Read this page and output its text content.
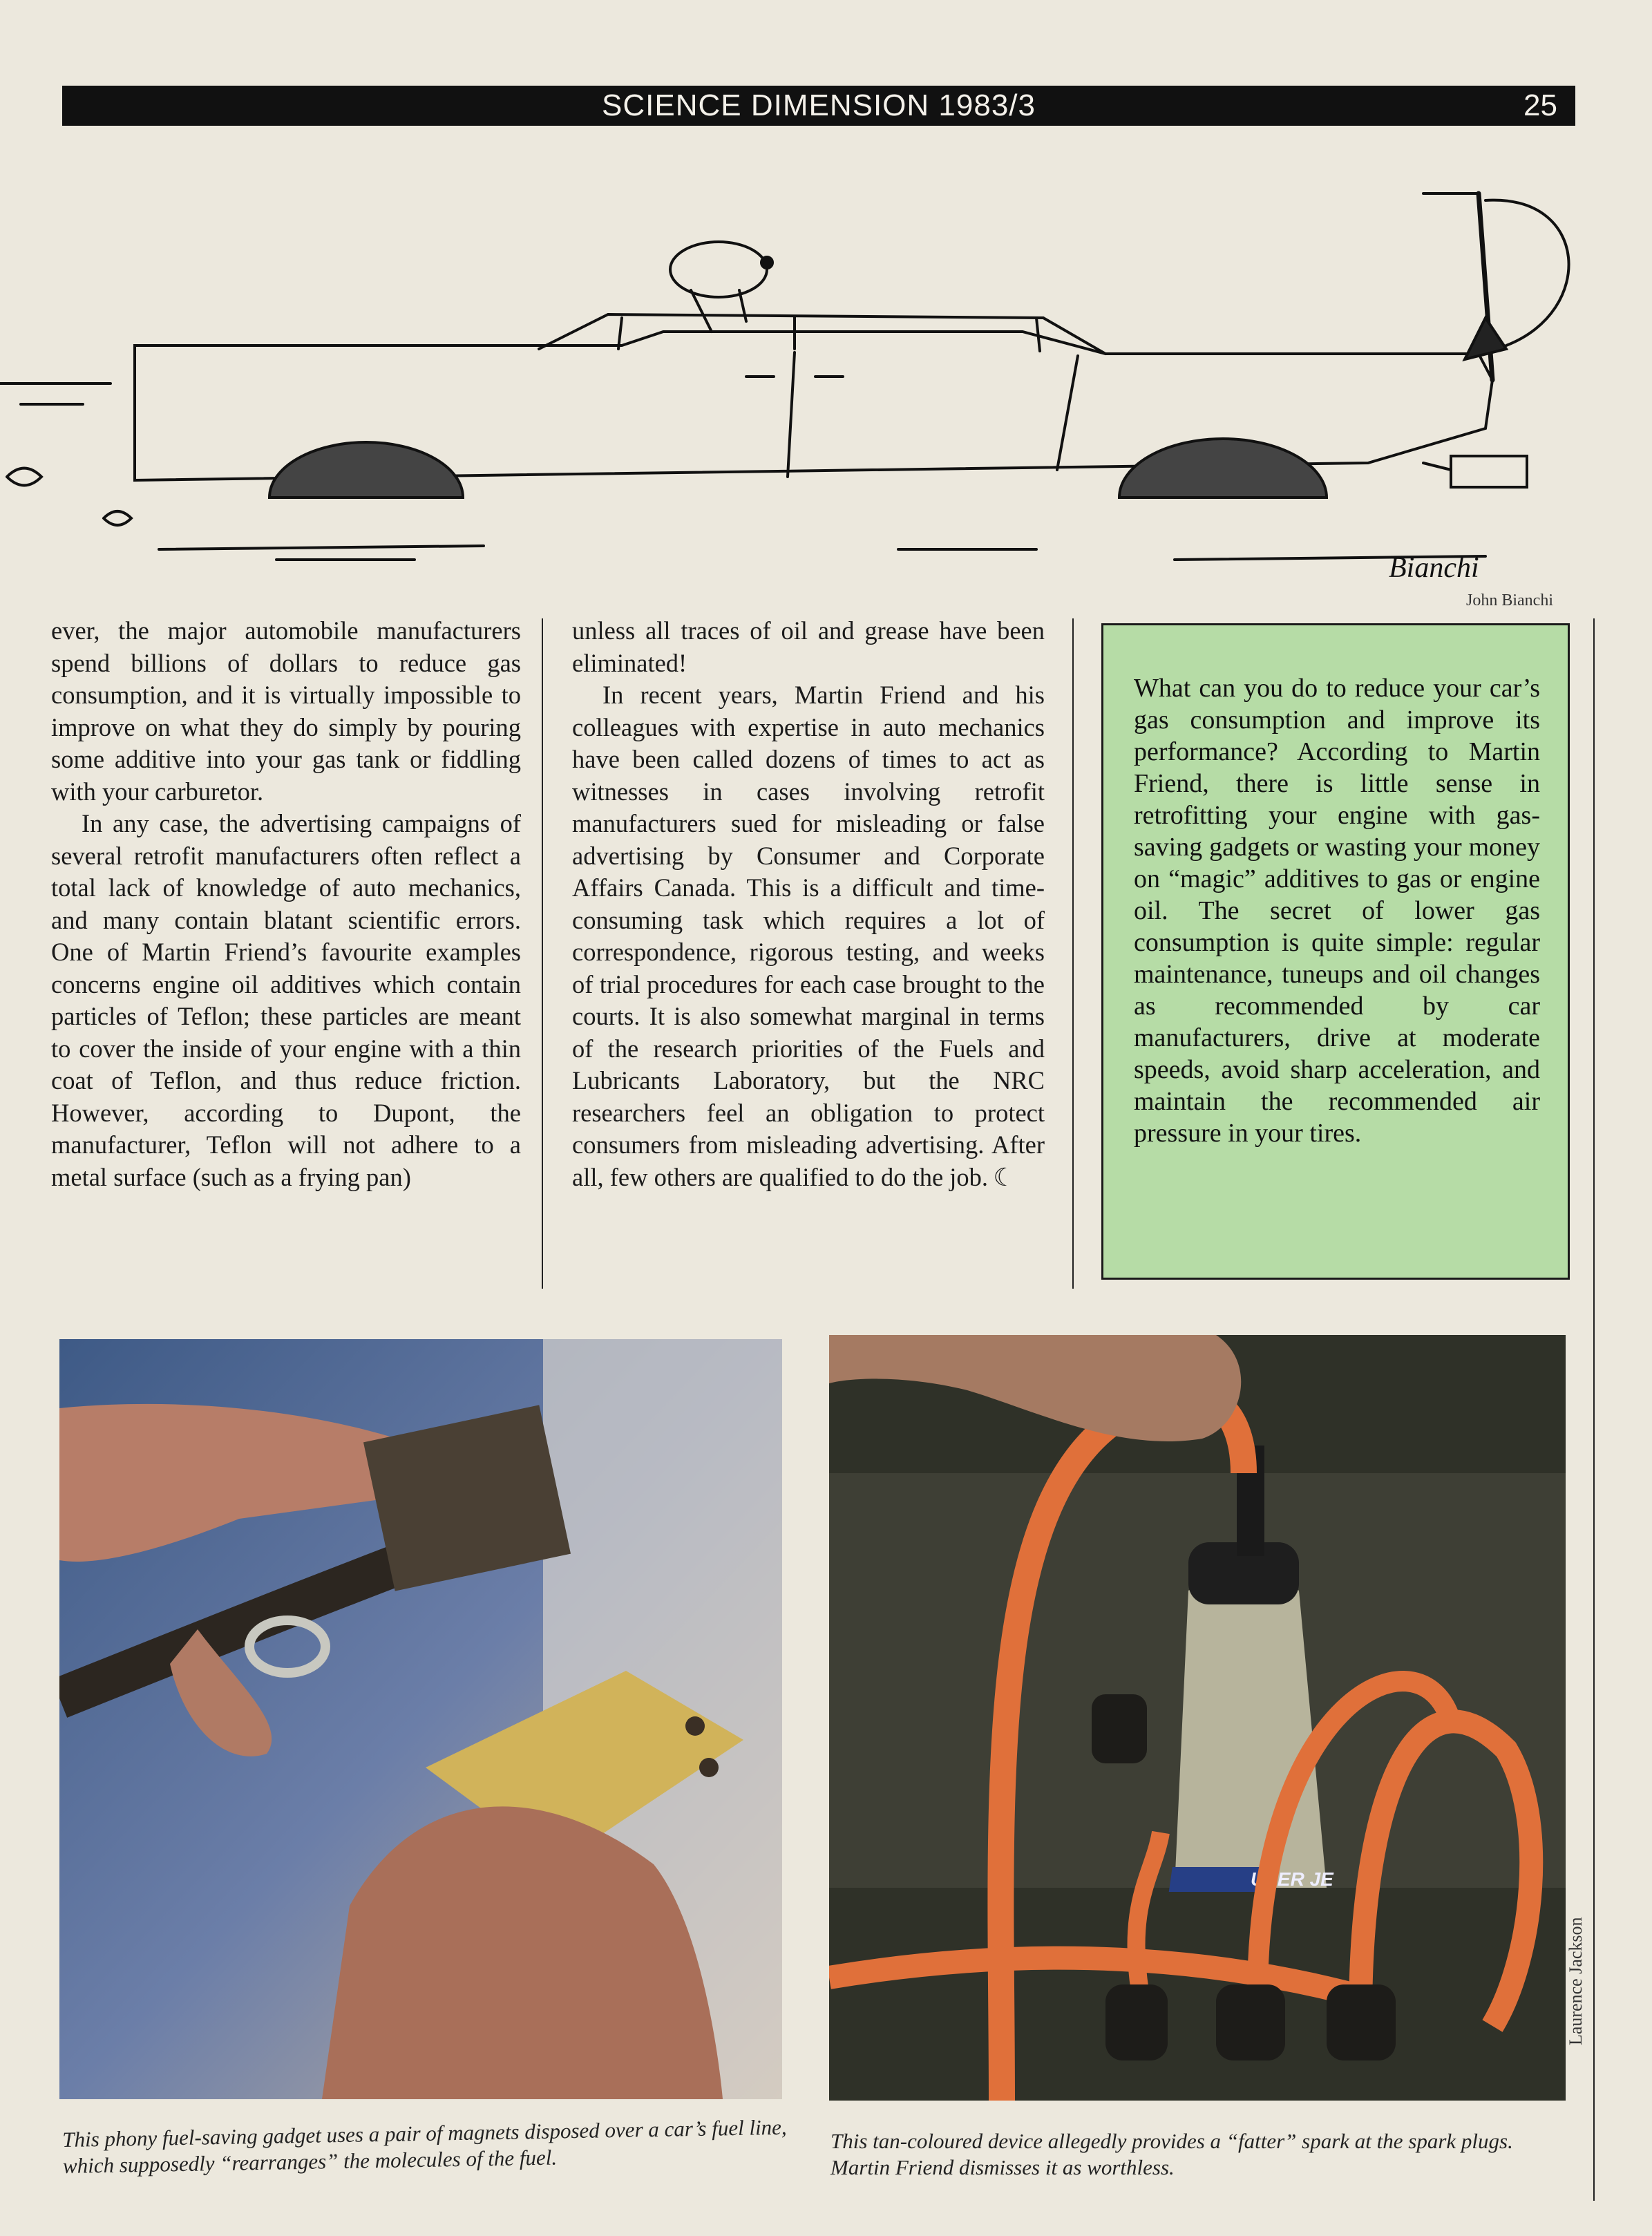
SCIENCE DIMENSION 1983/3	25
Bianchi
John Bianchi

ever, the major automobile manufacturers spend billions of dollars to reduce gas consumption, and it is virtually impossible to improve on what they do simply by pouring some additive into your gas tank or fiddling with your carburetor.

In any case, the advertising campaigns of several retrofit manufacturers often reflect a total lack of knowledge of auto mechanics, and many contain blatant scientific errors. One of Martin Friend’s favourite examples concerns engine oil additives which contain particles of Teflon; these particles are meant to cover the inside of your engine with a thin coat of Teflon, and thus reduce friction. However, according to Dupont, the manufacturer, Teflon will not adhere to a metal surface (such as a frying pan)

unless all traces of oil and grease have been eliminated!

In recent years, Martin Friend and his colleagues with expertise in auto mechanics have been called dozens of times to act as witnesses in cases involving retrofit manufacturers sued for misleading or false advertising by Consumer and Corporate Affairs Canada. This is a difficult and time-consuming task which requires a lot of correspondence, rigorous testing, and weeks of trial procedures for each case brought to the courts. It is also somewhat marginal in terms of the research priorities of the Fuels and Lubricants Laboratory, but the NRC researchers feel an obligation to protect consumers from misleading advertising. After all, few others are qualified to do the job.  ☾

What can you do to reduce your car’s gas consumption and improve its performance? According to Martin Friend, there is little sense in retrofitting your engine with gas-saving gadgets or wasting your money on “magic” additives to gas or engine oil. The secret of lower gas consumption is quite simple: regular maintenance, tuneups and oil changes as recommended by car manufacturers, drive at moderate speeds, avoid sharp acceleration, and maintain the recommended air pressure in your tires.
UPER JE
Laurence Jackson
This phony fuel-saving gadget uses a pair of magnets disposed over a car’s fuel line, which supposedly “rearranges” the molecules of the fuel.
This tan-coloured device allegedly provides a “fatter” spark at the spark plugs. Martin Friend dismisses it as worthless.
